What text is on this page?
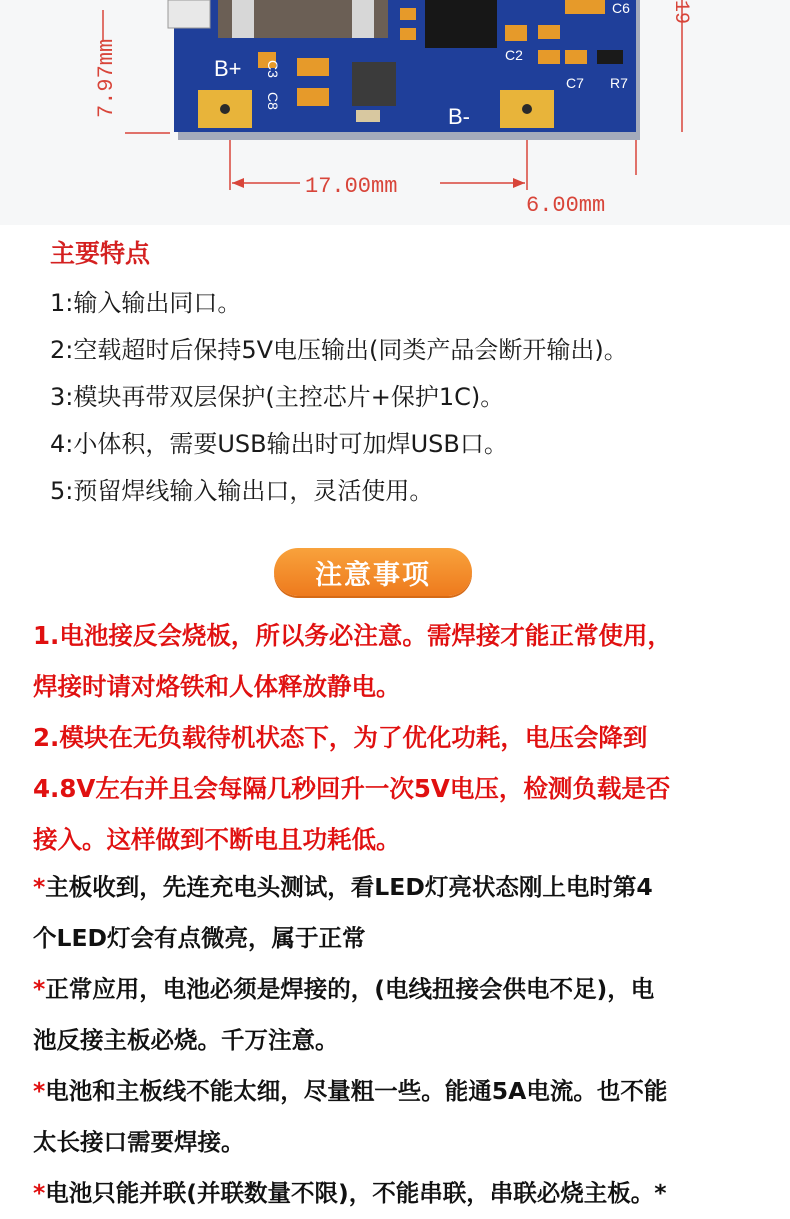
7.97mm	B+
B-
C3
C8
C2
C6
C7 R7
19
17.00mm
6.00mm
主要特点
1:输入输出同口。
2:空载超时后保持5V电压输出(同类产品会断开输出)。
3:模块再带双层保护(主控芯片+保护1C)。
4:小体积，需要USB输出时可加焊USB口。
5:预留焊线输入输出口，灵活使用。
注意事项
1.电池接反会烧板，所以务必注意。需焊接才能正常使用，
焊接时请对烙铁和人体释放静电。
2.模块在无负载待机状态下，为了优化功耗，电压会降到
4.8V左右并且会每隔几秒回升一次5V电压，检测负载是否
接入。这样做到不断电且功耗低。
*主板收到，先连充电头测试，看LED灯亮状态刚上电时第4
个LED灯会有点微亮，属于正常
*正常应用，电池必须是焊接的，(电线扭接会供电不足)，电
池反接主板必烧。千万注意。
*电池和主板线不能太细，尽量粗一些。能通5A电流。也不能
太长接口需要焊接。
*电池只能并联(并联数量不限)，不能串联，串联必烧主板。*
